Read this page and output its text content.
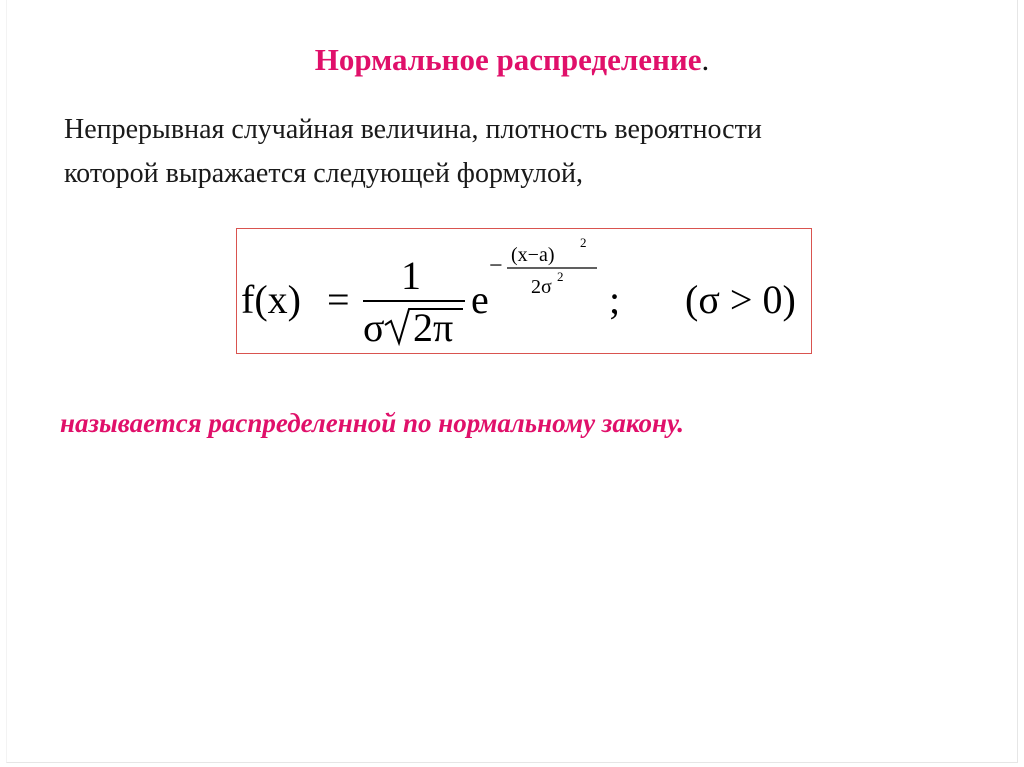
Нормальное распределение.
Непрерывная случайная величина, плотность вероятности
которой выражается следующей формулой,
f(x) =
1
σ 2π
e
− (x−a)
2
2σ 2
; (σ > 0)
называется распределенной по нормальному закону.
